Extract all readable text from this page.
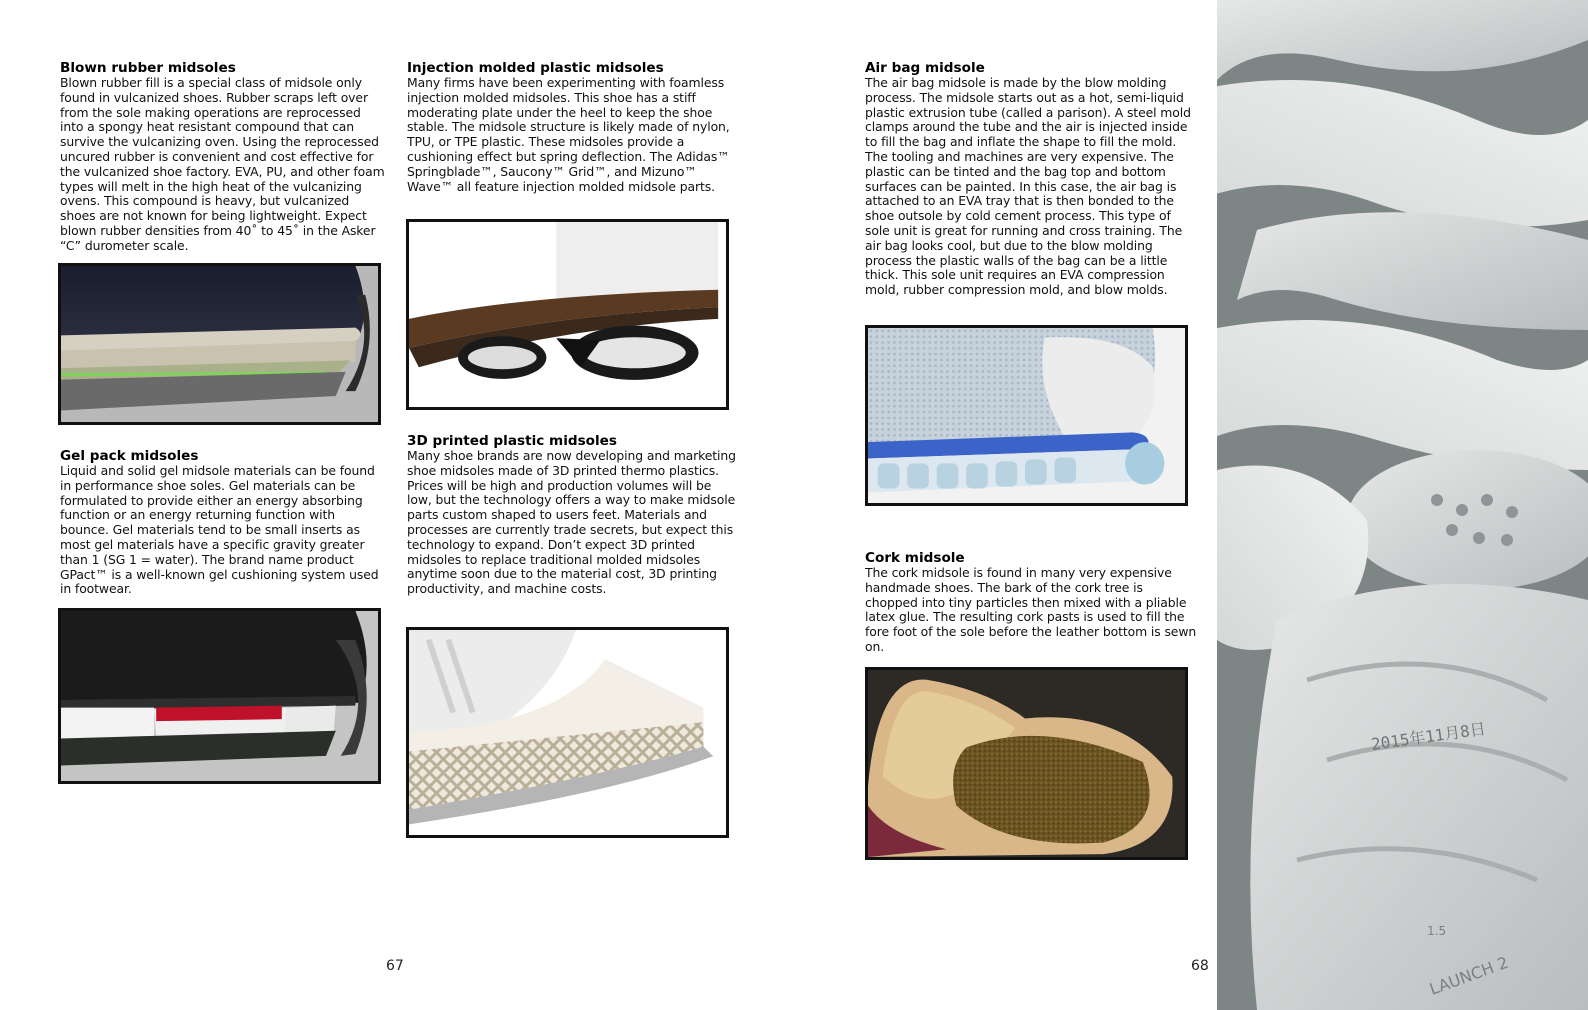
Blown rubber midsoles

Blown rubber fill is a special class of midsole only found in vulcanized shoes. Rubber scraps left over from the sole making operations are reprocessed into a spongy heat resistant compound that can survive the vulcanizing oven. Using the reprocessed uncured rubber is convenient and cost effective for the vulcanized shoe factory. EVA, PU, and other foam types will melt in the high heat of the vulcanizing ovens. This compound is heavy, but vulcanized shoes are not known for being lightweight. Expect blown rubber densities from 40˚ to 45˚ in the Asker “C” durometer scale.

Gel pack midsoles

Liquid and solid gel midsole materials can be found in performance shoe soles. Gel materials can be formulated to provide either an energy absorbing function or an energy returning function with bounce. Gel materials tend to be small inserts as most gel materials have a specific gravity greater than 1 (SG 1 = water). The brand name product GPact™ is a well-known gel cushioning system used in footwear.

Injection molded plastic midsoles

Many firms have been experimenting with foamless injection molded midsoles. This shoe has a stiff moderating plate under the heel to keep the shoe stable. The midsole structure is likely made of nylon, TPU, or TPE plastic. These midsoles provide a cushioning effect but spring deflection. The Adidas™ Springblade™, Saucony™ Grid™, and Mizuno™ Wave™ all feature injection molded midsole parts.

3D printed plastic midsoles

Many shoe brands are now developing and marketing shoe midsoles made of 3D printed thermo plastics. Prices will be high and production volumes will be low, but the technology offers a way to make midsole parts custom shaped to users feet. Materials and processes are currently trade secrets, but expect this technology to expand. Don’t expect 3D printed midsoles to replace traditional molded midsoles anytime soon due to the material cost, 3D printing productivity, and machine costs.

67
Air bag midsole

The air bag midsole is made by the blow molding process. The midsole starts out as a hot, semi-liquid plastic extrusion tube (called a parison). A steel mold clamps around the tube and the air is injected inside to fill the bag and inflate the shape to fill the mold. The tooling and machines are very expensive. The plastic can be tinted and the bag top and bottom surfaces can be painted. In this case, the air bag is attached to an EVA tray that is then bonded to the shoe outsole by cold cement process. This type of sole unit is great for running and cross training. The air bag looks cool, but due to the blow molding process the plastic walls of the bag can be a little thick. This sole unit requires an EVA compression mold, rubber compression mold, and blow molds.

Cork midsole

The cork midsole is found in many very expensive handmade shoes. The bark of the cork tree is chopped into tiny particles then mixed with a pliable latex glue. The resulting cork pasts is used to fill the fore foot of the sole before the leather bottom is sewn on.

68
2015年11月8日
LAUNCH 2
1.5
